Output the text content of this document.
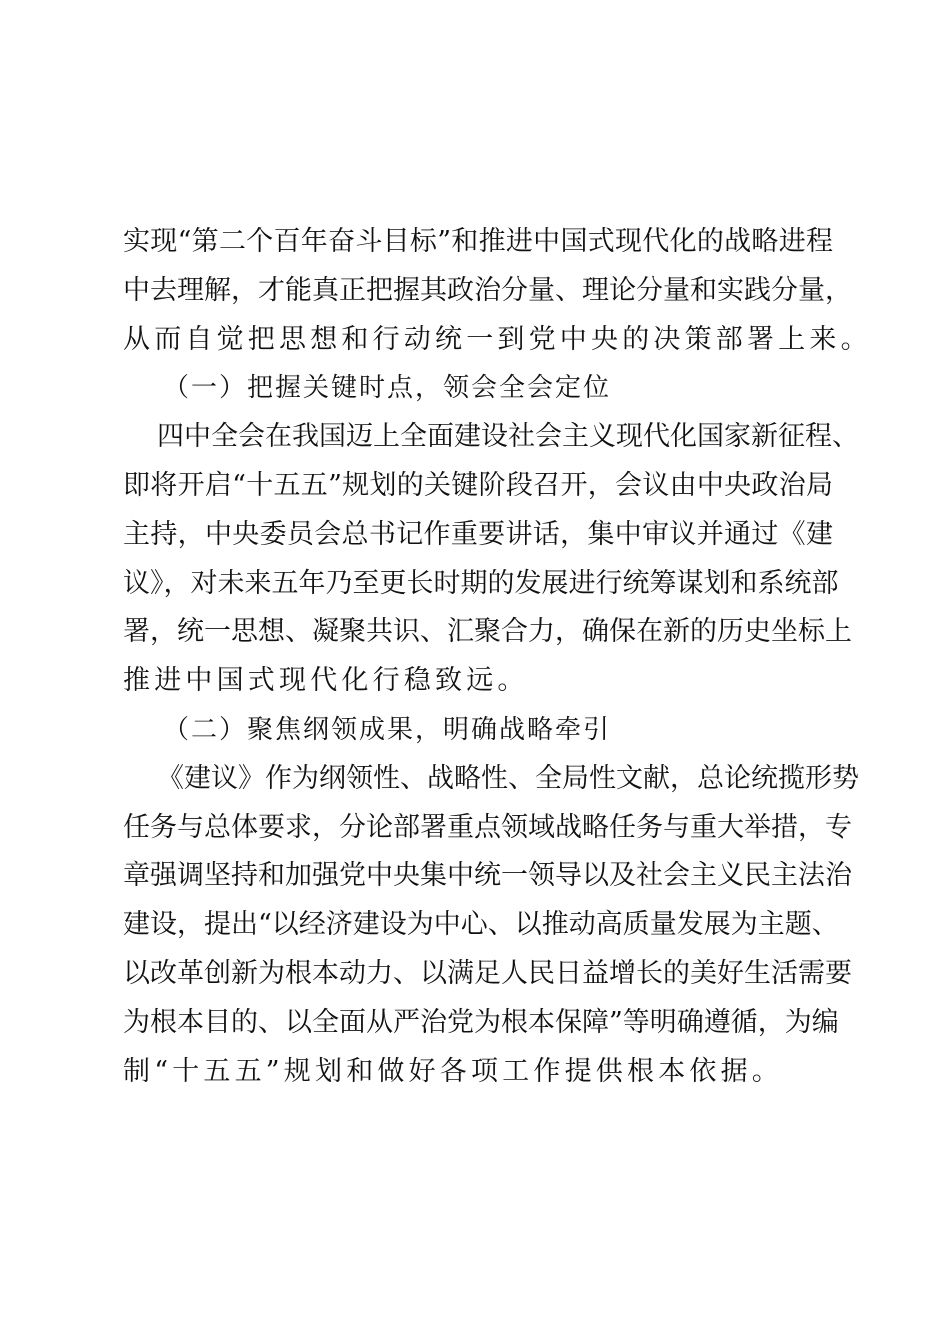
实现“第二个百年奋斗目标”和推进中国式现代化的战略进程
中去理解，才能真正把握其政治分量、理论分量和实践分量，
从而自觉把思想和行动统一到党中央的决策部署上来。
（一）把握关键时点，领会全会定位
四中全会在我国迈上全面建设社会主义现代化国家新征程、
即将开启“十五五”规划的关键阶段召开，会议由中央政治局
主持，中央委员会总书记作重要讲话，集中审议并通过《建
议》，对未来五年乃至更长时期的发展进行统筹谋划和系统部
署，统一思想、凝聚共识、汇聚合力，确保在新的历史坐标上
推进中国式现代化行稳致远。
（二）聚焦纲领成果，明确战略牵引
《建议》作为纲领性、战略性、全局性文献，总论统揽形势
任务与总体要求，分论部署重点领域战略任务与重大举措，专
章强调坚持和加强党中央集中统一领导以及社会主义民主法治
建设，提出“以经济建设为中心、以推动高质量发展为主题、
以改革创新为根本动力、以满足人民日益增长的美好生活需要
为根本目的、以全面从严治党为根本保障”等明确遵循，为编
制“十五五”规划和做好各项工作提供根本依据。
